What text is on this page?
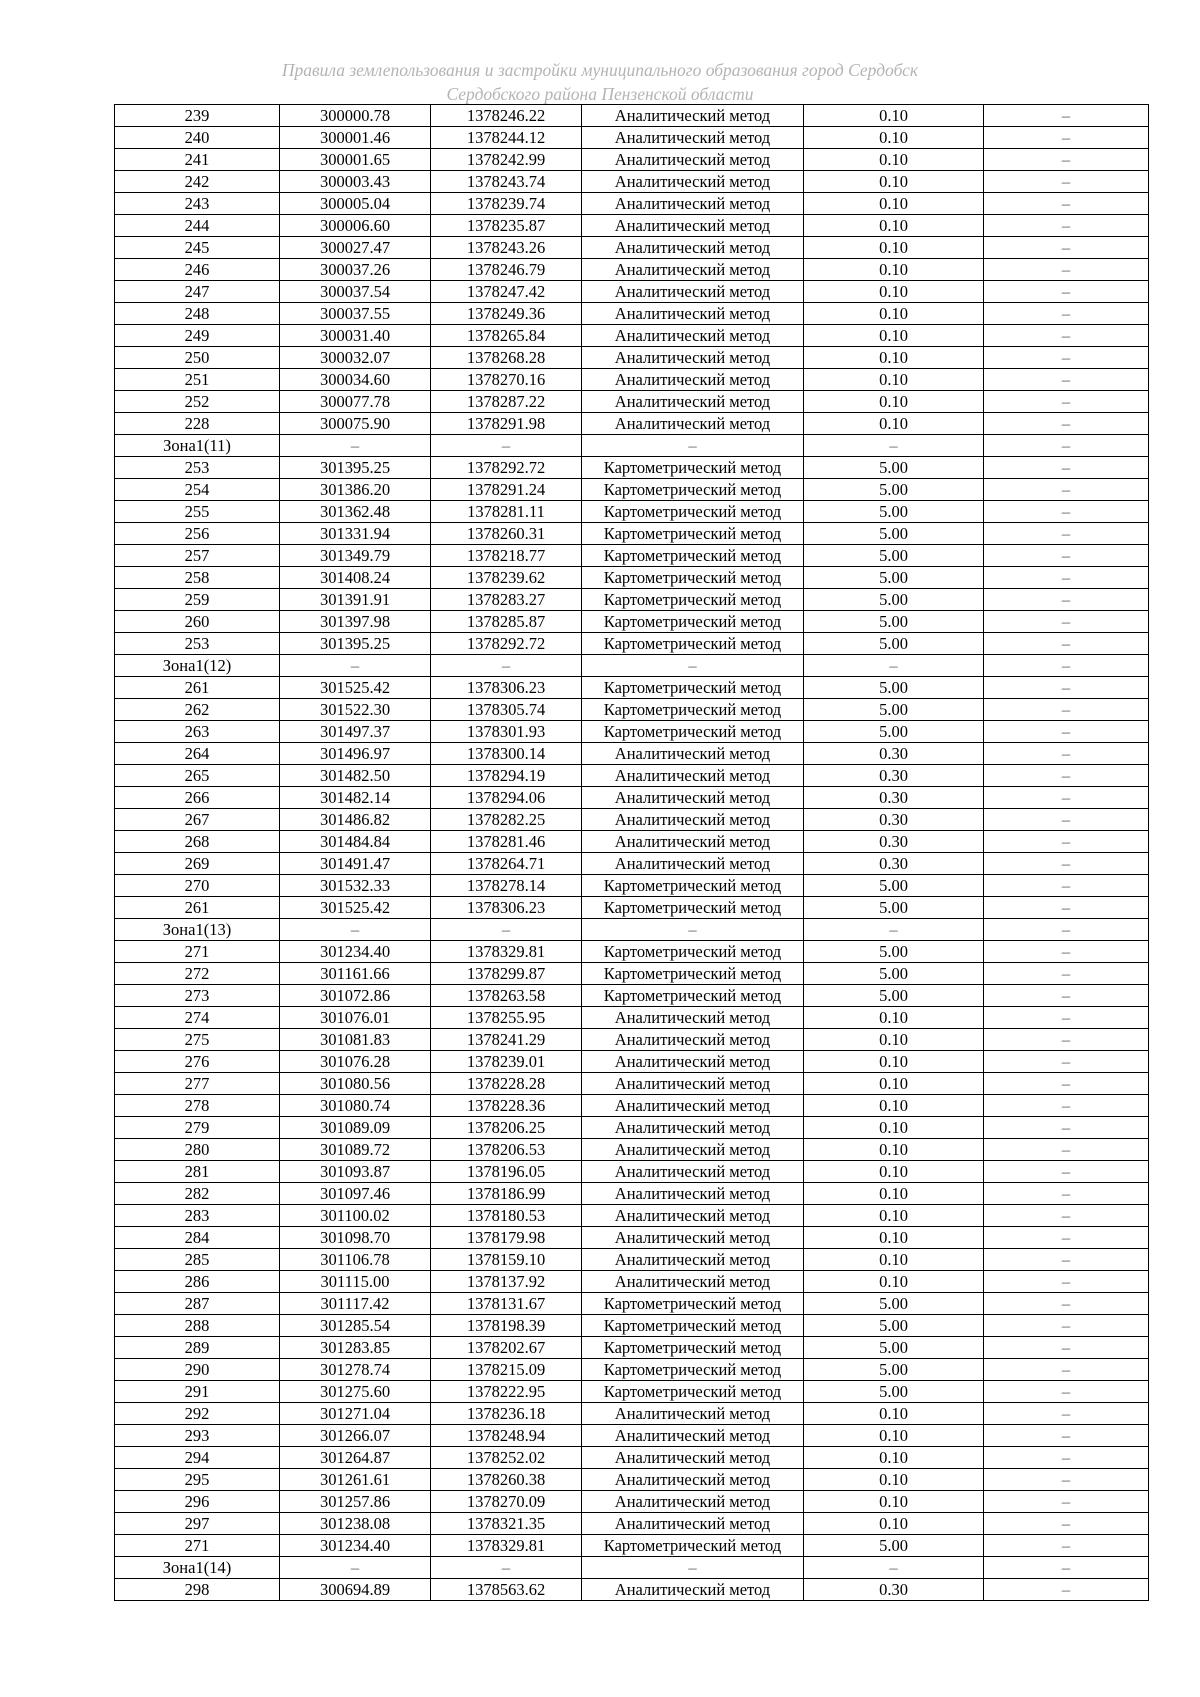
Правила землепользования и застройки муниципального образования город Сердобск
Сердобского района Пензенской области
239	300000.78	1378246.22	Аналитический метод	0.10	–
240	300001.46	1378244.12	Аналитический метод	0.10	–
241	300001.65	1378242.99	Аналитический метод	0.10	–
242	300003.43	1378243.74	Аналитический метод	0.10	–
243	300005.04	1378239.74	Аналитический метод	0.10	–
244	300006.60	1378235.87	Аналитический метод	0.10	–
245	300027.47	1378243.26	Аналитический метод	0.10	–
246	300037.26	1378246.79	Аналитический метод	0.10	–
247	300037.54	1378247.42	Аналитический метод	0.10	–
248	300037.55	1378249.36	Аналитический метод	0.10	–
249	300031.40	1378265.84	Аналитический метод	0.10	–
250	300032.07	1378268.28	Аналитический метод	0.10	–
251	300034.60	1378270.16	Аналитический метод	0.10	–
252	300077.78	1378287.22	Аналитический метод	0.10	–
228	300075.90	1378291.98	Аналитический метод	0.10	–
Зона1(11)	–	–	–	–	–
253	301395.25	1378292.72	Картометрический метод	5.00	–
254	301386.20	1378291.24	Картометрический метод	5.00	–
255	301362.48	1378281.11	Картометрический метод	5.00	–
256	301331.94	1378260.31	Картометрический метод	5.00	–
257	301349.79	1378218.77	Картометрический метод	5.00	–
258	301408.24	1378239.62	Картометрический метод	5.00	–
259	301391.91	1378283.27	Картометрический метод	5.00	–
260	301397.98	1378285.87	Картометрический метод	5.00	–
253	301395.25	1378292.72	Картометрический метод	5.00	–
Зона1(12)	–	–	–	–	–
261	301525.42	1378306.23	Картометрический метод	5.00	–
262	301522.30	1378305.74	Картометрический метод	5.00	–
263	301497.37	1378301.93	Картометрический метод	5.00	–
264	301496.97	1378300.14	Аналитический метод	0.30	–
265	301482.50	1378294.19	Аналитический метод	0.30	–
266	301482.14	1378294.06	Аналитический метод	0.30	–
267	301486.82	1378282.25	Аналитический метод	0.30	–
268	301484.84	1378281.46	Аналитический метод	0.30	–
269	301491.47	1378264.71	Аналитический метод	0.30	–
270	301532.33	1378278.14	Картометрический метод	5.00	–
261	301525.42	1378306.23	Картометрический метод	5.00	–
Зона1(13)	–	–	–	–	–
271	301234.40	1378329.81	Картометрический метод	5.00	–
272	301161.66	1378299.87	Картометрический метод	5.00	–
273	301072.86	1378263.58	Картометрический метод	5.00	–
274	301076.01	1378255.95	Аналитический метод	0.10	–
275	301081.83	1378241.29	Аналитический метод	0.10	–
276	301076.28	1378239.01	Аналитический метод	0.10	–
277	301080.56	1378228.28	Аналитический метод	0.10	–
278	301080.74	1378228.36	Аналитический метод	0.10	–
279	301089.09	1378206.25	Аналитический метод	0.10	–
280	301089.72	1378206.53	Аналитический метод	0.10	–
281	301093.87	1378196.05	Аналитический метод	0.10	–
282	301097.46	1378186.99	Аналитический метод	0.10	–
283	301100.02	1378180.53	Аналитический метод	0.10	–
284	301098.70	1378179.98	Аналитический метод	0.10	–
285	301106.78	1378159.10	Аналитический метод	0.10	–
286	301115.00	1378137.92	Аналитический метод	0.10	–
287	301117.42	1378131.67	Картометрический метод	5.00	–
288	301285.54	1378198.39	Картометрический метод	5.00	–
289	301283.85	1378202.67	Картометрический метод	5.00	–
290	301278.74	1378215.09	Картометрический метод	5.00	–
291	301275.60	1378222.95	Картометрический метод	5.00	–
292	301271.04	1378236.18	Аналитический метод	0.10	–
293	301266.07	1378248.94	Аналитический метод	0.10	–
294	301264.87	1378252.02	Аналитический метод	0.10	–
295	301261.61	1378260.38	Аналитический метод	0.10	–
296	301257.86	1378270.09	Аналитический метод	0.10	–
297	301238.08	1378321.35	Аналитический метод	0.10	–
271	301234.40	1378329.81	Картометрический метод	5.00	–
Зона1(14)	–	–	–	–	–
298	300694.89	1378563.62	Аналитический метод	0.30	–
